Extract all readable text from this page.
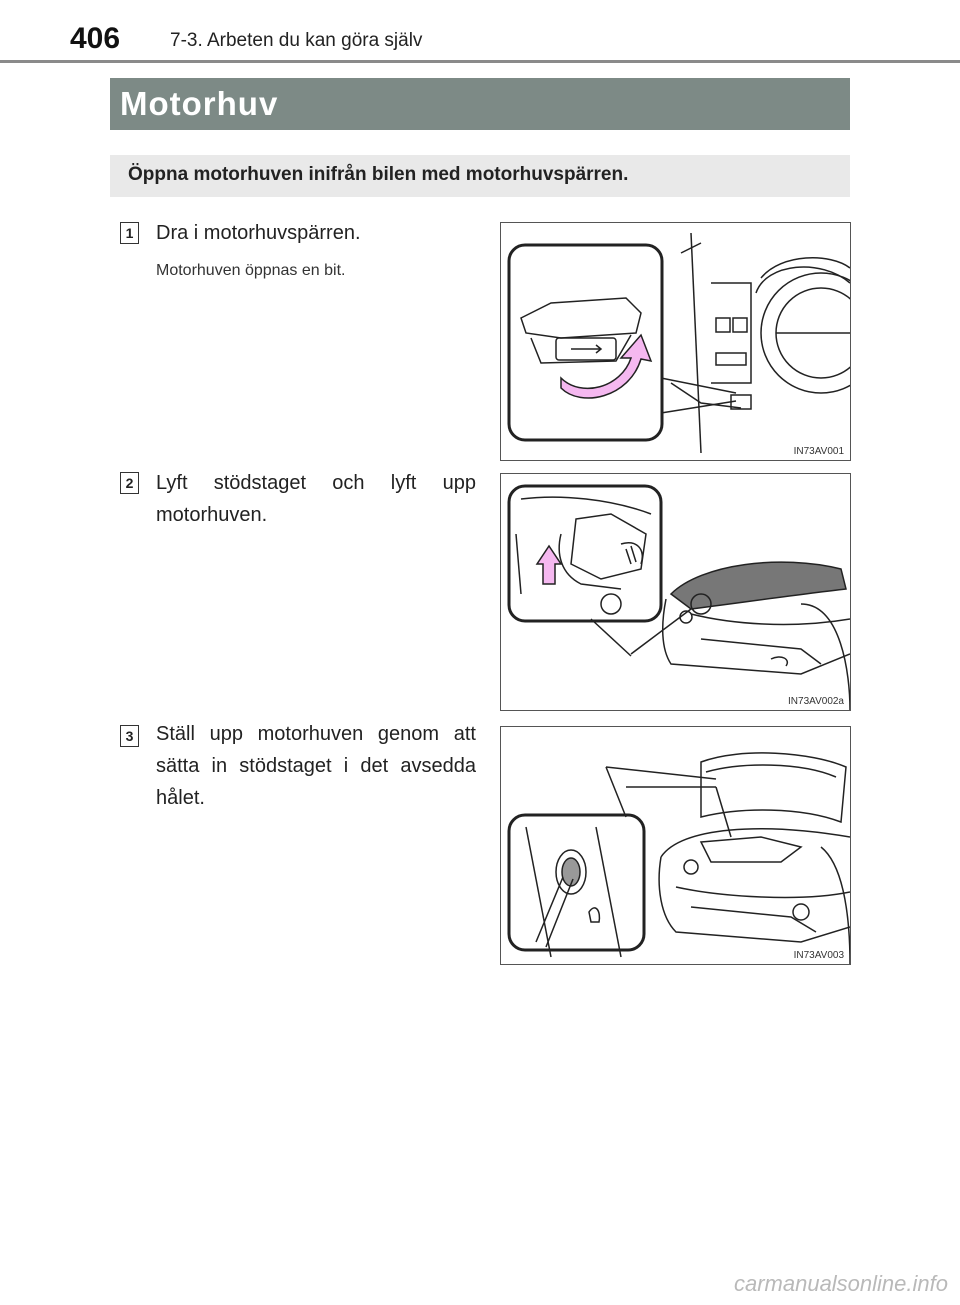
406	7-3. Arbeten du kan göra själv
Motorhuv
Öppna motorhuven inifrån bilen med motorhuvspärren.
1 Dra i motorhuvspärren.
Motorhuven öppnas en bit.
IN73AV001
2 Lyft stödstaget och lyft upp motorhuven.
IN73AV002a
3 Ställ upp motorhuven genom att sätta in stödstaget i det avsedda hålet.
IN73AV003
carmanualsonline.info
